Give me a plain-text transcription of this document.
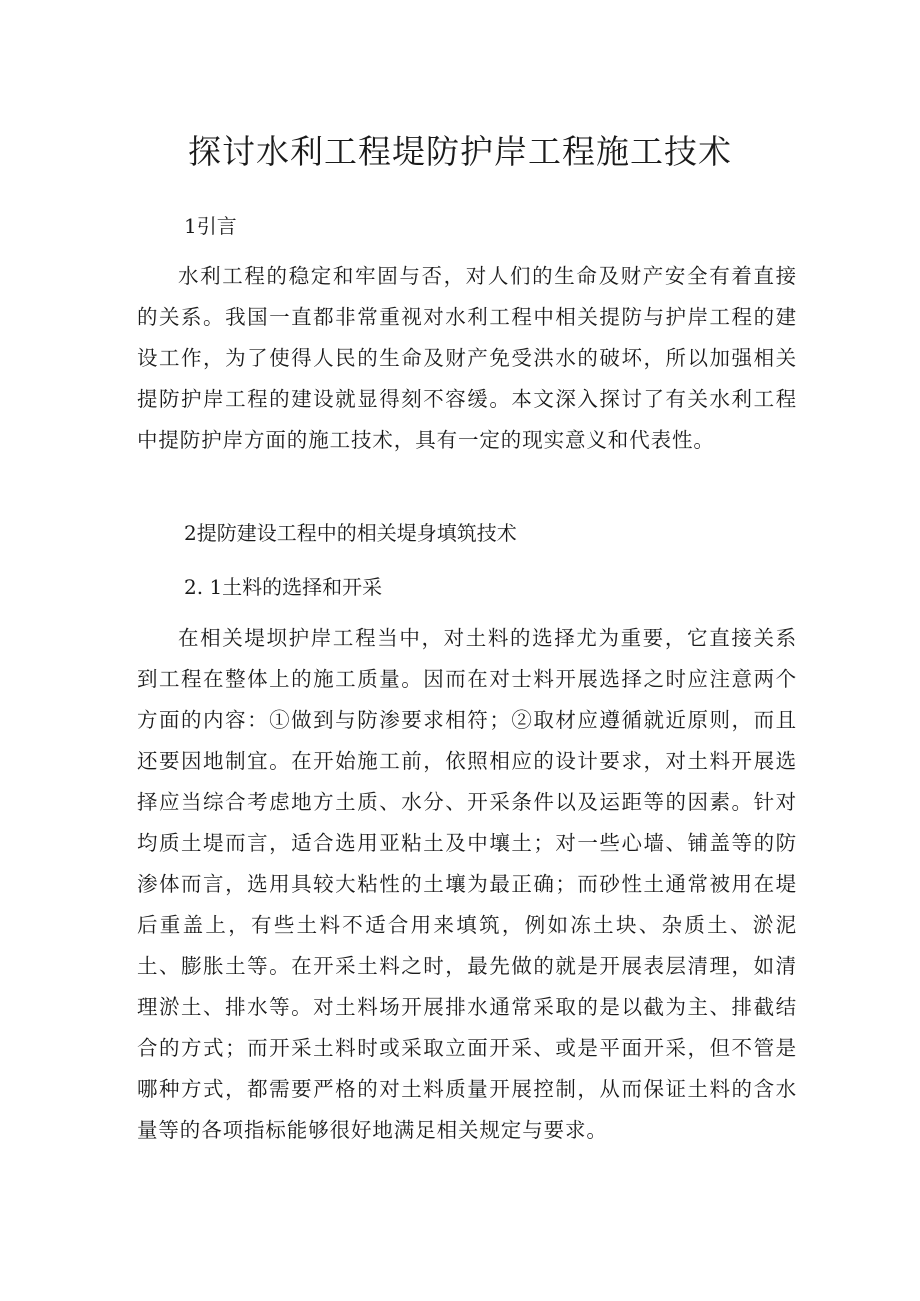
探讨水利工程堤防护岸工程施工技术
1引言

水利工程的稳定和牢固与否，对人们的生命及财产安全有着直接的关系。我国一直都非常重视对水利工程中相关提防与护岸工程的建设工作，为了使得人民的生命及财产免受洪水的破坏，所以加强相关提防护岸工程的建设就显得刻不容缓。本文深入探讨了有关水利工程中提防护岸方面的施工技术，具有一定的现实意义和代表性。

2提防建设工程中的相关堤身填筑技术
2. 1土料的选择和开采

在相关堤坝护岸工程当中，对土料的选择尤为重要，它直接关系到工程在整体上的施工质量。因而在对士料开展选择之时应注意两个方面的内容：①做到与防渗要求相符；②取材应遵循就近原则，而且还要因地制宜。在开始施工前，依照相应的设计要求，对土料开展选择应当综合考虑地方土质、水分、开采条件以及运距等的因素。针对均质土堤而言，适合选用亚粘土及中壤土；对一些心墙、铺盖等的防渗体而言，选用具较大粘性的土壤为最正确；而砂性土通常被用在堤后重盖上，有些土料不适合用来填筑，例如冻土块、杂质土、淤泥土、膨胀土等。在开采土料之时，最先做的就是开展表层清理，如清理淤土、排水等。对土料场开展排水通常采取的是以截为主、排截结合的方式；而开采土料时或采取立面开采、或是平面开采，但不管是哪种方式，都需要严格的对土料质量开展控制，从而保证土料的含水量等的各项指标能够很好地满足相关规定与要求。
